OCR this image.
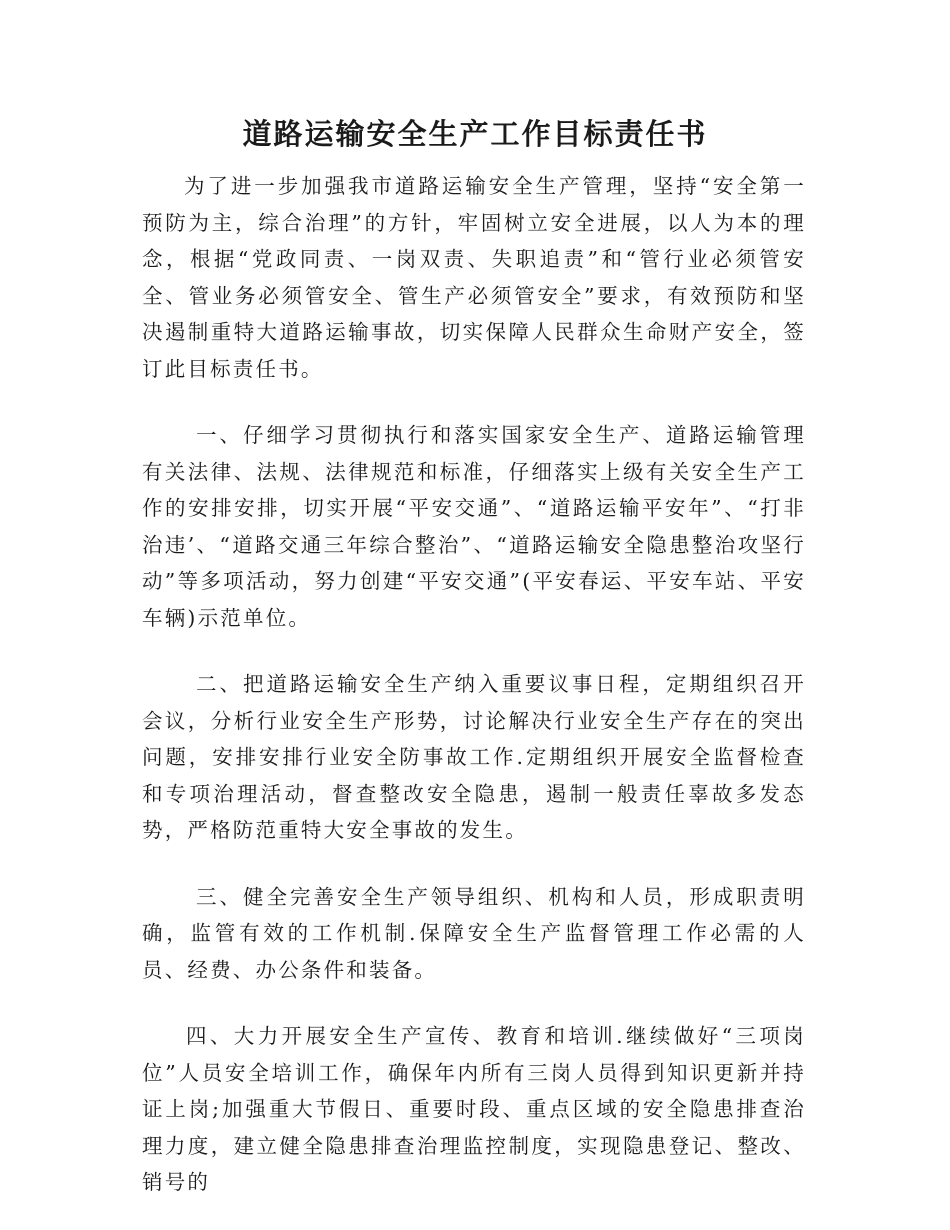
道路运输安全生产工作目标责任书

为了进一步加强我市道路运输安全生产管理，坚持“安全第一预防为主，综合治理”的方针，牢固树立安全进展，以人为本的理念，根据“党政同责、一岗双责、失职追责”和“管行业必须管安全、管业务必须管安全、管生产必须管安全”要求，有效预防和坚决遏制重特大道路运输事故，切实保障人民群众生命财产安全，签订此目标责任书。

一、仔细学习贯彻执行和落实国家安全生产、道路运输管理有关法律、法规、法律规范和标准，仔细落实上级有关安全生产工作的安排安排，切实开展“平安交通”、“道路运输平安年”、“打非治违’、“道路交通三年综合整治”、“道路运输安全隐患整治攻坚行动”等多项活动，努力创建“平安交通”(平安春运、平安车站、平安车辆)示范单位。

二、把道路运输安全生产纳入重要议事日程，定期组织召开会议，分析行业安全生产形势，讨论解决行业安全生产存在的突出问题，安排安排行业安全防事故工作.定期组织开展安全监督检查和专项治理活动，督查整改安全隐患，遏制一般责任辜故多发态势，严格防范重特大安全事故的发生。

三、健全完善安全生产领导组织、机构和人员，形成职责明确，监管有效的工作机制.保障安全生产监督管理工作必需的人员、经费、办公条件和装备。

四、大力开展安全生产宣传、教育和培训.继续做好“三项岗位”人员安全培训工作，确保年内所有三岗人员得到知识更新并持证上岗;加强重大节假日、重要时段、重点区域的安全隐患排查治理力度，建立健全隐患排查治理监控制度，实现隐患登记、整改、销号的
